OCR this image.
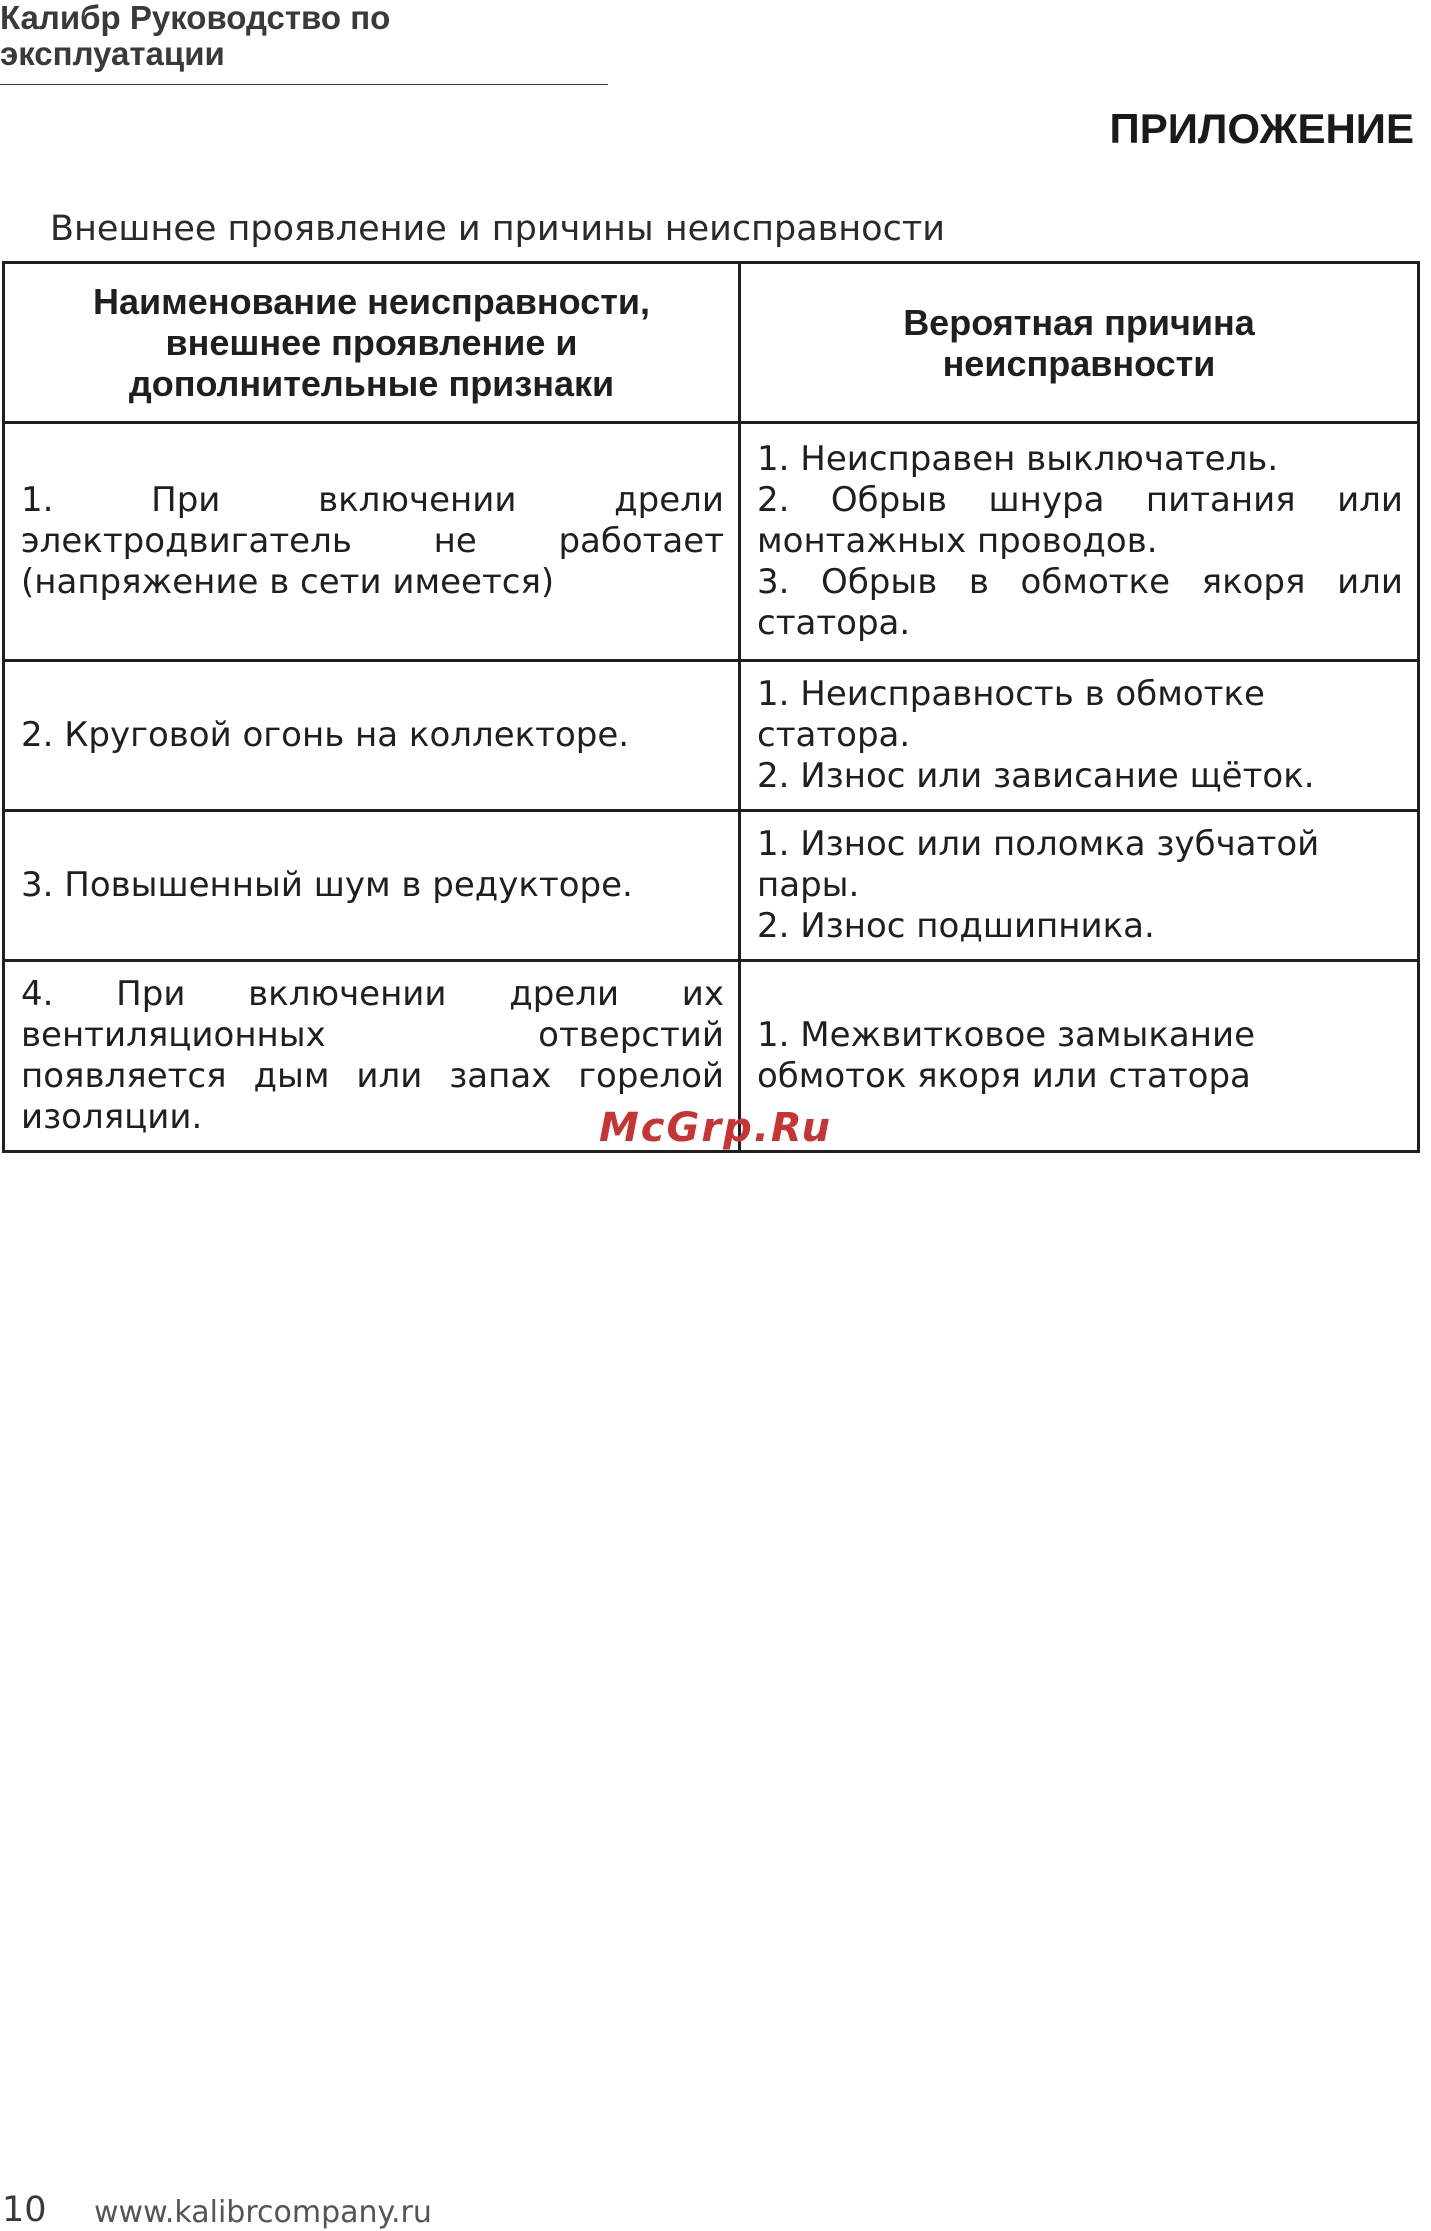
Калибр Руководство по эксплуатации
ПРИЛОЖЕНИЕ
Внешнее проявление и причины неисправности
Наименование неисправности, внешнее проявление и дополнительные признаки	Вероятная причина неисправности
1. При включении дрели электродвигатель не работает (напряжение в сети имеется)	1. Неисправен выключатель.
2. Обрыв шнура питания или монтажных проводов.
3. Обрыв в обмотке якоря или статора.

2. Круговой огонь на коллекторе.	1. Неисправность в обмотке статора.
2. Износ или зависание щёток.

3. Повышенный шум в редукторе.	1. Износ или поломка зубчатой пары.
2. Износ подшипника.

4. При включении дрели их вентиляционных отверстий появляется дым или запах горелой изоляции.	1. Межвитковое замыкание обмоток якоря или статора
McGrp.Ru
10 www.kalibrcompany.ru
